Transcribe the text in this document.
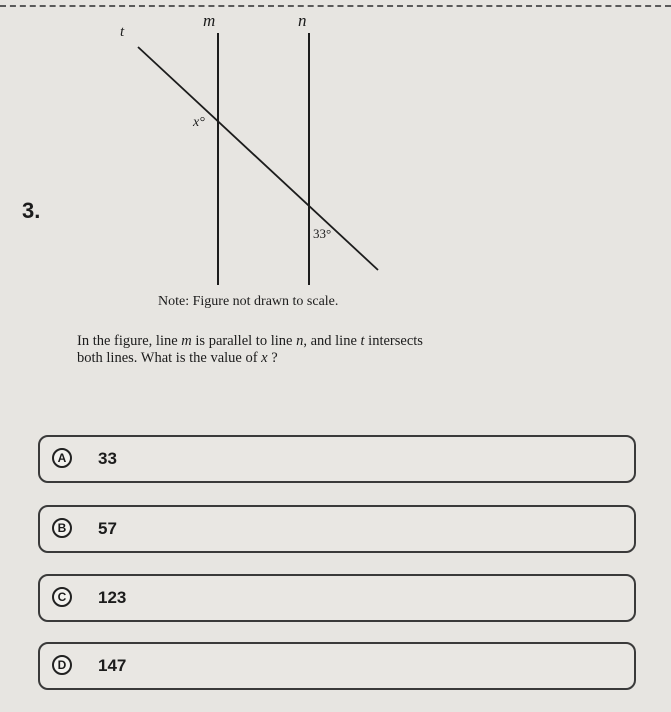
3.
t
m	n
x°
33°
Note: Figure not drawn to scale.
In the figure, line m is parallel to line n, and line t intersects both lines. What is the value of x ?
A	33
B	57
C	123
D	147
